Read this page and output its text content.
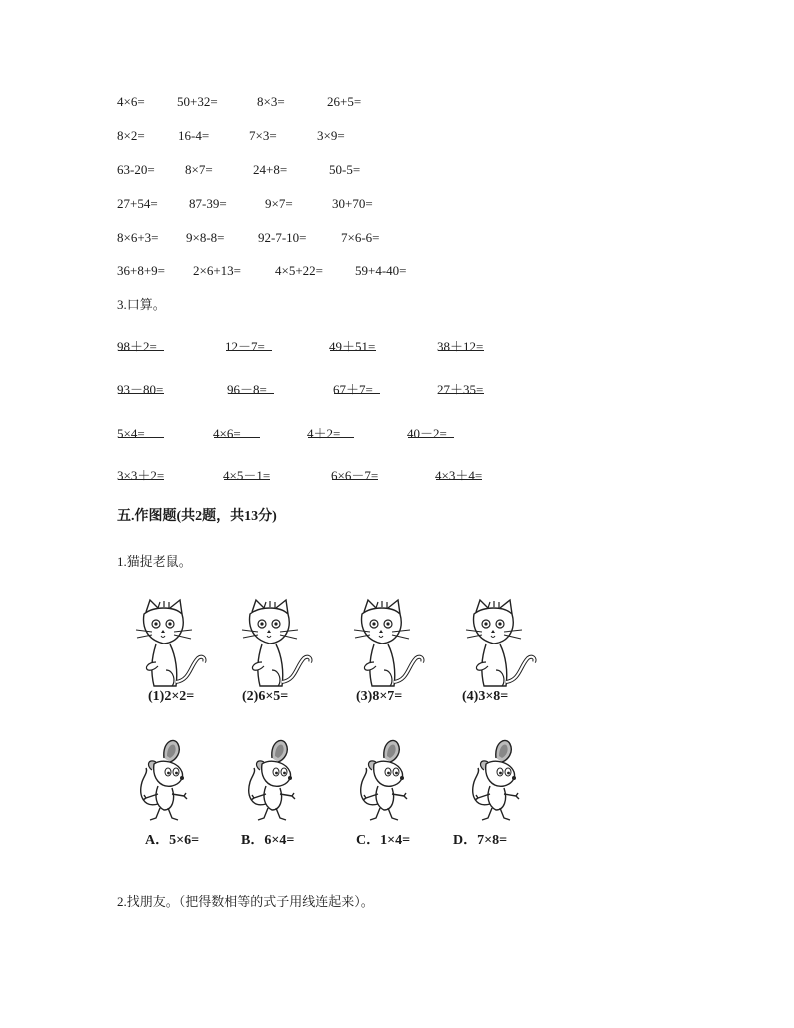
4×6= 50+32=	8×3=	26+5=
8×2=	16-4=	7×3=	3×9=
63-20= 8×7=	24+8=	50-5=
27+54= 87-39=	9×7=	30+70=
8×6+3= 9×8-8=	92-7-10=	7×6-6=
36+8+9= 2×6+13=	4×5+22= 59+4-40=
3.口算。
98＋2=	12－7=	49＋51=	38＋12=
93－80=	96－8=	67＋7=	27＋35=
5×4=	4×6=	4＋2=	40－2=
3×3＋2=	4×5－1=	6×6－7=	4×3＋4=
五.作图题(共2题，共13分)
1.猫捉老鼠。
(1)2×2=	(2)6×5=	(3)8×7=	(4)3×8=
A．5×6=	B．6×4=	C．1×4=	D．7×8=
2.找朋友。（把得数相等的式子用线连起来）。
